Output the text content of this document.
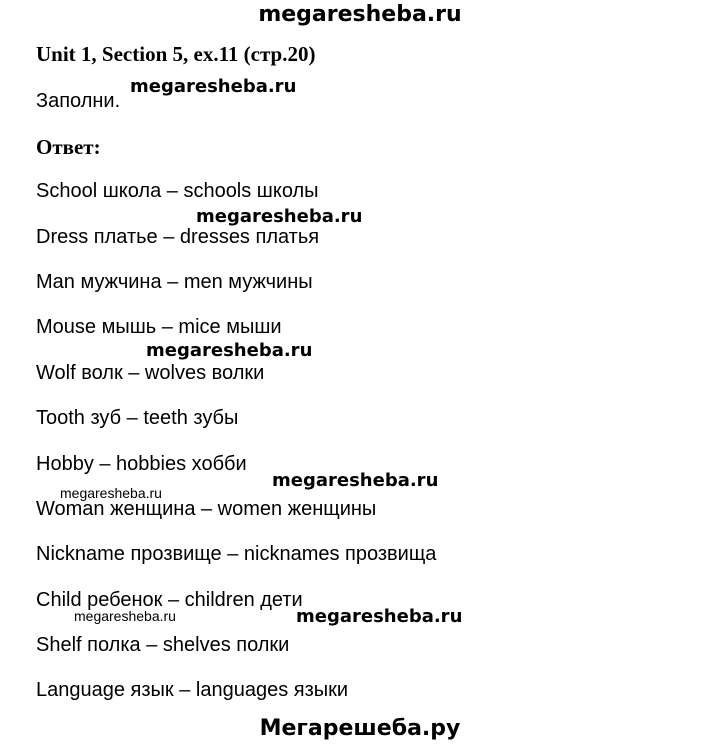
megaresheba.ru
Unit 1, Section 5, ex.11 (стр.20)
Заполни.
megaresheba.ru
Ответ:
School школа – schools школы
megaresheba.ru
Dress платье – dresses платья
Man мужчина – men мужчины
Mouse мышь – mice мыши
megaresheba.ru
Wolf волк – wolves волки
Tooth зуб – teeth зубы
Hobby – hobbies хобби
megaresheba.ru
megaresheba.ru
Woman женщина – women женщины
Nickname прозвище – nicknames прозвища
Child ребенок – children дети
megaresheba.ru	megaresheba.ru
Shelf полка – shelves полки
Language язык – languages языки
Мегарешеба.ру
